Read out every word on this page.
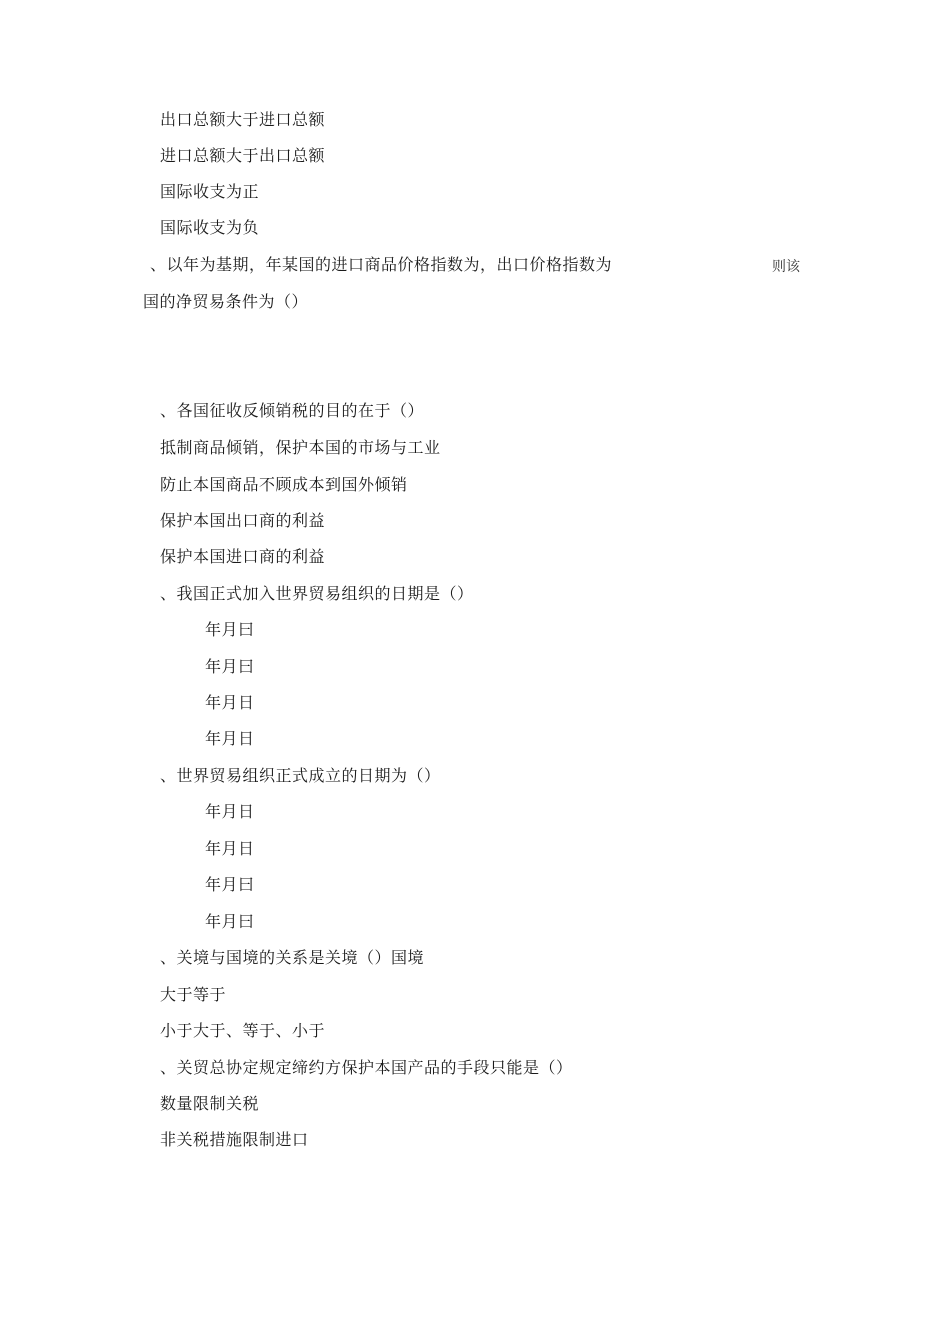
出口总额大于进口总额
进口总额大于出口总额
国际收支为正
国际收支为负
、以年为基期，年某国的进口商品价格指数为，出口价格指数为	则该
国的净贸易条件为（）
、各国征收反倾销税的目的在于（）
抵制商品倾销，保护本国的市场与工业
防止本国商品不顾成本到国外倾销
保护本国出口商的利益
保护本国进口商的利益
、我国正式加入世界贸易组织的日期是（）
年月曰
年月曰
年月日
年月日
、世界贸易组织正式成立的日期为（）
年月日
年月日
年月曰
年月曰
、关境与国境的关系是关境（）国境
大于等于
小于大于、等于、小于
、关贸总协定规定缔约方保护本国产品的手段只能是（）
数量限制关税
非关税措施限制进口
